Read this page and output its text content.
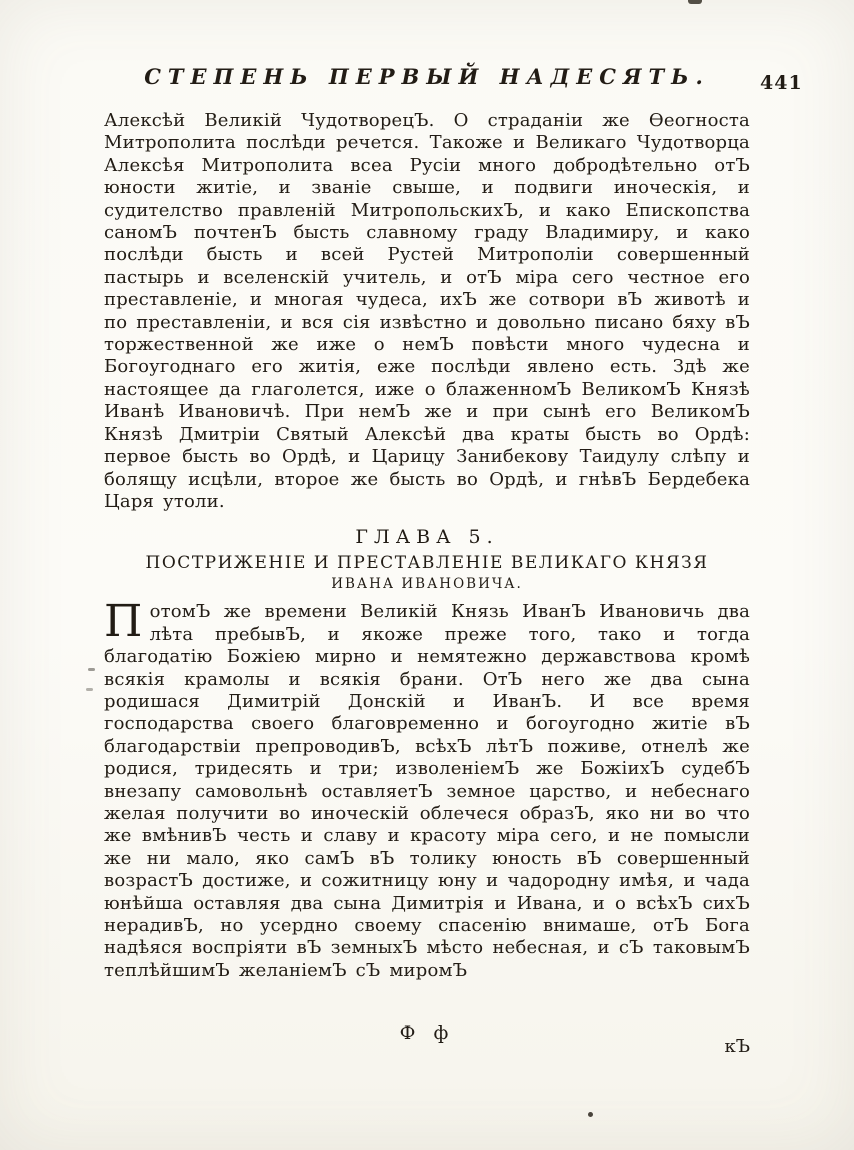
СТЕПЕНЬ ПЕРВЫЙ НАДЕСЯТЬ.	441

Алексѣй Великій ЧудотворецЪ. О страданіи же Ѳеогноста Митрополита послѣди речется. Такоже и Великаго Чудотворца Алексѣя Митрополита всеа Русіи много добродѣтельно отЪ юности житіе, и званіе свыше, и подвиги иноческія, и судителство правленій МитропольскихЪ, и како Епископства саномЪ почтенЪ бысть славному граду Владимиру, и како послѣди бысть и всей Рустей Митрополіи совершенный пастырь и вселенскій учитель, и отЪ міра сего честное его преставленіе, и многая чудеса, ихЪ же сотвори вЪ животѣ и по преставленіи, и вся сія извѣстно и довольно писано бяху вЪ торжественной же иже о немЪ повѣсти много чудесна и Богоугоднаго его житія, еже послѣди явлено есть. Здѣ же настоящее да глаголется, иже о блаженномЪ ВеликомЪ Князѣ Иванѣ Ивановичѣ. При немЪ же и при сынѣ его ВеликомЪ Князѣ Дмитріи Святый Алексѣй два краты бысть во Ордѣ: первое бысть во Ордѣ, и Царицу Занибекову Таидулу слѣпу и болящу исцѣли, второе же бысть во Ордѣ, и гнѣвЪ Бердебека Царя утоли.

ГЛАВА 5.
ПОСТРИЖЕНІЕ И ПРЕСТАВЛЕНІЕ ВЕЛИКАГО КНЯЗЯ
ИВАНА ИВАНОВИЧА.

ПотомЪ же времени Великій Князь ИванЪ Ивановичь два лѣта пребывЪ, и якоже преже того, тако и тогда благодатію Божіею мирно и немятежно державствова кромѣ всякія крамолы и всякія брани. ОтЪ него же два сына родишася Димитрій Донскій и ИванЪ. И все время господарства своего благовременно и богоугодно житіе вЪ благодарствіи препроводивЪ, всѣхЪ лѣтЪ поживе, отнелѣ же родися, тридесять и три; изволеніемЪ же БожіихЪ судебЪ внезапу самовольнѣ оставляетЪ земное царство, и небеснаго желая получити во иноческій облечеся образЪ, яко ни во что же вмѣнивЪ честь и славу и красоту міра сего, и не помысли же ни мало, яко самЪ вЪ толику юность вЪ совершенный возрастЪ достиже, и сожитницу юну и чадородну имѣя, и чада юнѣйша оставляя два сына Димитрія и Ивана, и о всѣхЪ сихЪ нерадивЪ, но усердно своему спасенію внимаше, отЪ Бога надѣяся воспріяти вЪ земныхЪ мѣсто небесная, и сЪ таковымЪ теплѣйшимЪ желаніемЪ сЪ миромЪ

Ф ф
кЪ
